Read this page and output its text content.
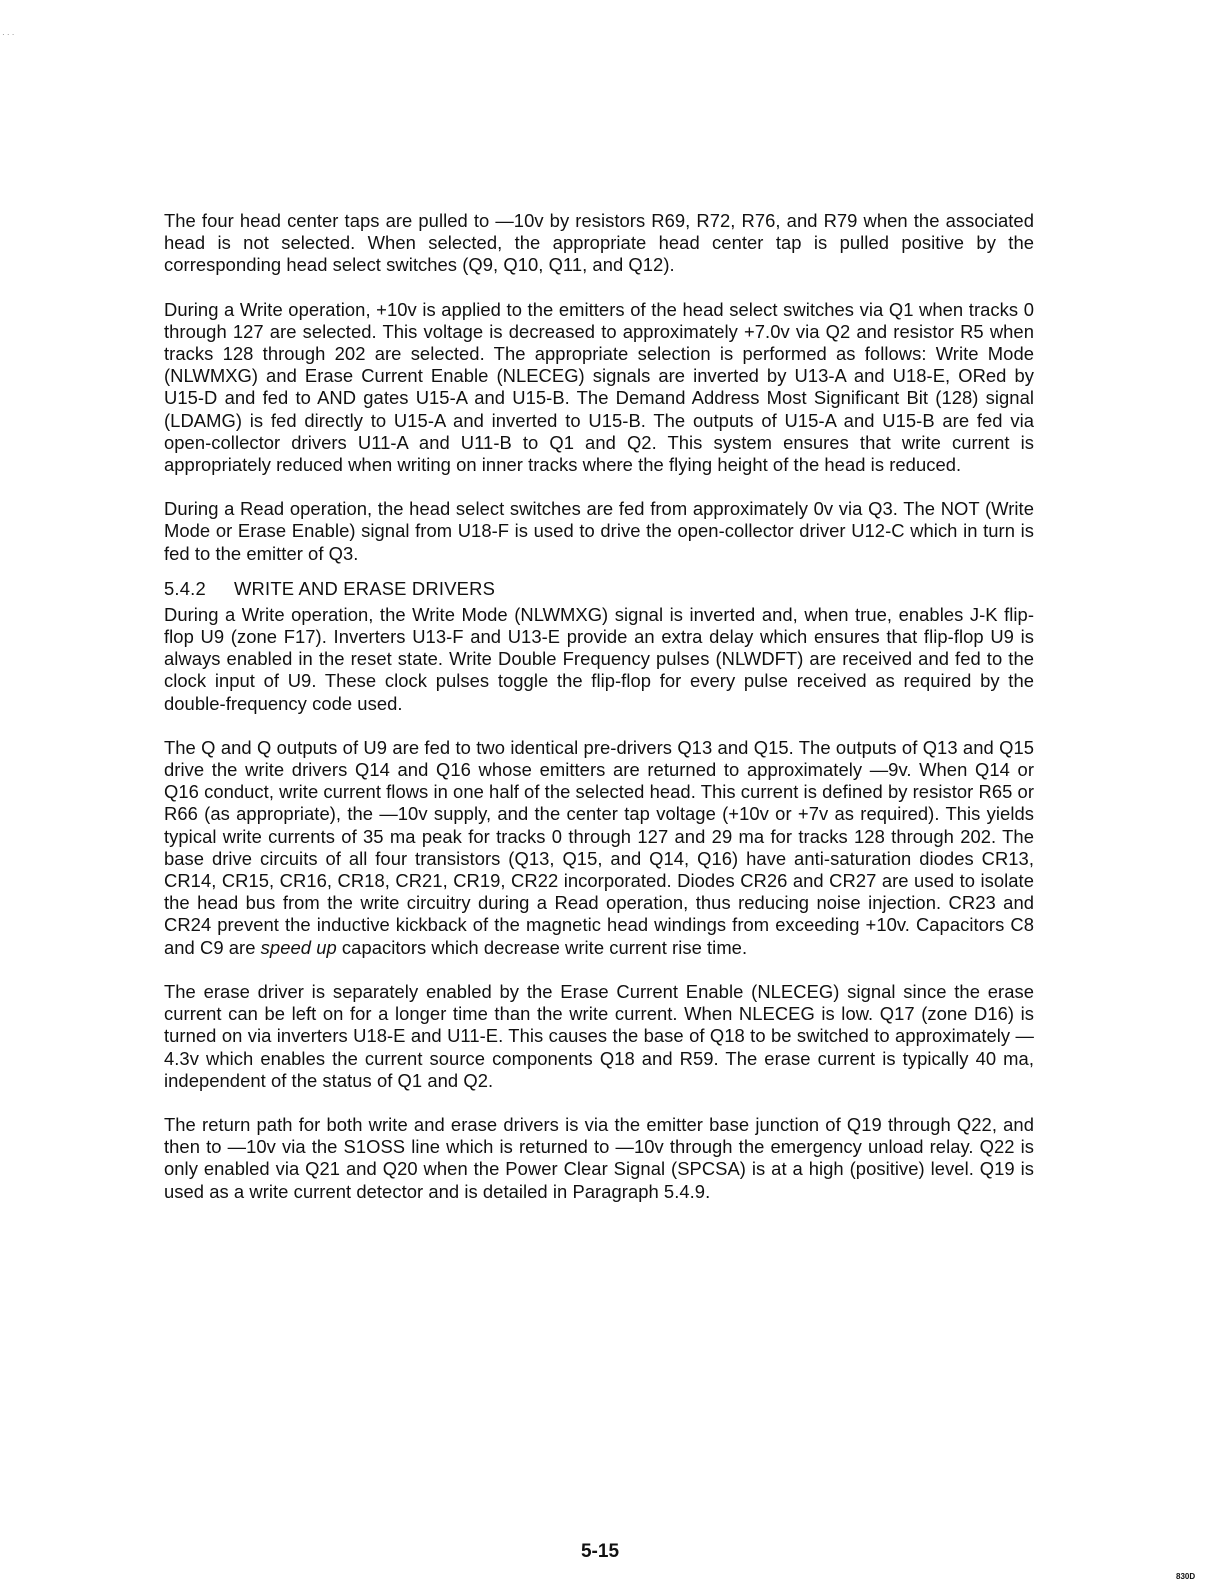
· · ·

The four head center taps are pulled to —10v by resistors R69, R72, R76, and R79 when the associated head is not selected. When selected, the appropriate head center tap is pulled positive by the corresponding head select switches (Q9, Q10, Q11, and Q12).

During a Write operation, +10v is applied to the emitters of the head select switches via Q1 when tracks 0 through 127 are selected. This voltage is decreased to approximately +7.0v via Q2 and resistor R5 when tracks 128 through 202 are selected. The appropriate selection is performed as follows: Write Mode (NLWMXG) and Erase Current Enable (NLECEG) signals are inverted by U13-A and U18-E, ORed by U15-D and fed to AND gates U15-A and U15-B. The Demand Address Most Significant Bit (128) signal (LDAMG) is fed directly to U15-A and inverted to U15-B. The outputs of U15-A and U15-B are fed via open-collector drivers U11-A and U11-B to Q1 and Q2. This system ensures that write current is appropriately reduced when writing on inner tracks where the flying height of the head is reduced.

During a Read operation, the head select switches are fed from approximately 0v via Q3. The NOT (Write Mode or Erase Enable) signal from U18-F is used to drive the open-collector driver U12-C which in turn is fed to the emitter of Q3.

5.4.2 WRITE AND ERASE DRIVERS

During a Write operation, the Write Mode (NLWMXG) signal is inverted and, when true, enables J-K flip-flop U9 (zone F17). Inverters U13-F and U13-E provide an extra delay which ensures that flip-flop U9 is always enabled in the reset state. Write Double Frequency pulses (NLWDFT) are received and fed to the clock input of U9. These clock pulses toggle the flip-flop for every pulse received as required by the double-frequency code used.

The Q and Q outputs of U9 are fed to two identical pre-drivers Q13 and Q15. The outputs of Q13 and Q15 drive the write drivers Q14 and Q16 whose emitters are returned to approximately —9v. When Q14 or Q16 conduct, write current flows in one half of the selected head. This current is defined by resistor R65 or R66 (as appropriate), the —10v supply, and the center tap voltage (+10v or +7v as required). This yields typical write currents of 35 ma peak for tracks 0 through 127 and 29 ma for tracks 128 through 202. The base drive circuits of all four transistors (Q13, Q15, and Q14, Q16) have anti-saturation diodes CR13, CR14, CR15, CR16, CR18, CR21, CR19, CR22 incorporated. Diodes CR26 and CR27 are used to isolate the head bus from the write circuitry during a Read operation, thus reducing noise injection. CR23 and CR24 prevent the inductive kickback of the magnetic head windings from exceeding +10v. Capacitors C8 and C9 are speed up capacitors which decrease write current rise time.

The erase driver is separately enabled by the Erase Current Enable (NLECEG) signal since the erase current can be left on for a longer time than the write current. When NLECEG is low. Q17 (zone D16) is turned on via inverters U18-E and U11-E. This causes the base of Q18 to be switched to approximately —4.3v which enables the current source components Q18 and R59. The erase current is typically 40 ma, independent of the status of Q1 and Q2.

The return path for both write and erase drivers is via the emitter base junction of Q19 through Q22, and then to —10v via the S1OSS line which is returned to —10v through the emergency unload relay. Q22 is only enabled via Q21 and Q20 when the Power Clear Signal (SPCSA) is at a high (positive) level. Q19 is used as a write current detector and is detailed in Paragraph 5.4.9.

5-15
830D
